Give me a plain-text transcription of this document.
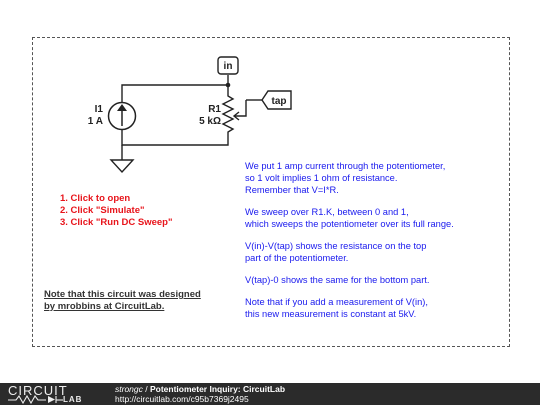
in
tap
I1
1 A
R1
5 kΩ
1. Click to open
2. Click "Simulate"
3. Click "Run DC Sweep"

We put 1 amp current through the potentiometer,
so 1 volt implies 1 ohm of resistance.
Remember that V=I*R.

We sweep over R1.K, between 0 and 1,
which sweeps the potentiometer over its full range.

V(in)-V(tap) shows the resistance on the top
part of the potentiometer.

V(tap)-0 shows the same for the bottom part.

Note that if you add a measurement of V(in),
this new measurement is constant at 5kV.

Note that this circuit was designed
by mrobbins at CircuitLab.
CIRCUIT
LAB
strongc / Potentiometer Inquiry: CircuitLab
http://circuitlab.com/c95b7369j2495
